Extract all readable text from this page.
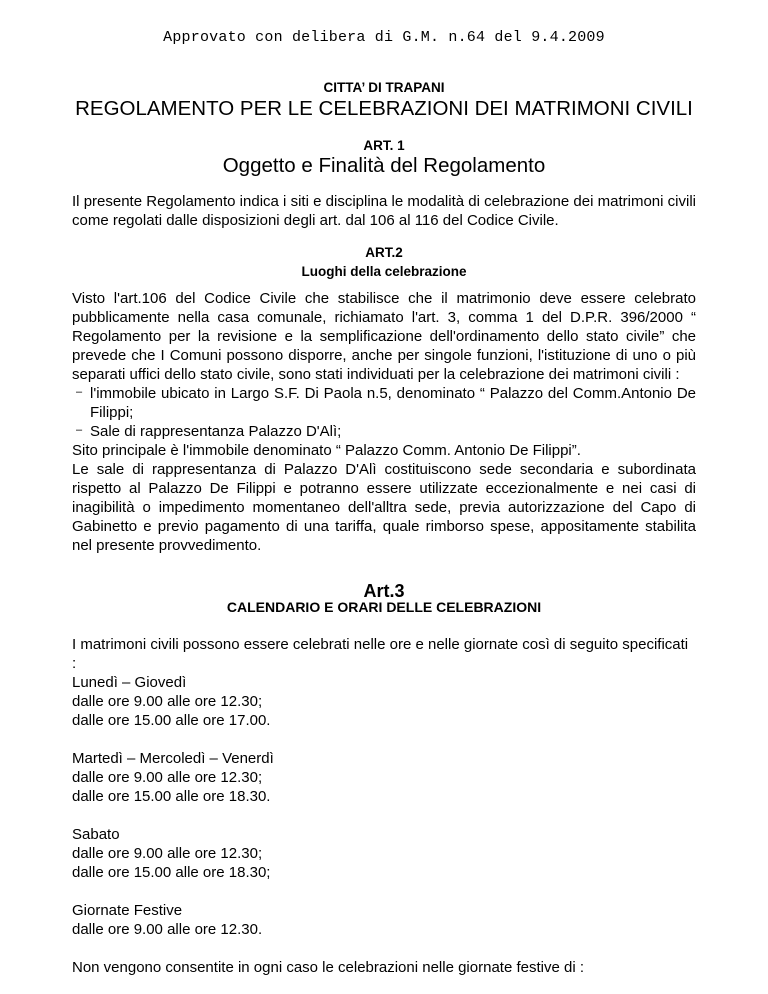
Approvato con delibera di G.M. n.64 del 9.4.2009
CITTA’ DI TRAPANI
REGOLAMENTO PER LE CELEBRAZIONI DEI MATRIMONI CIVILI
ART. 1
Oggetto e Finalità del Regolamento

Il presente Regolamento indica i siti e disciplina le modalità di celebrazione dei matrimoni civili come regolati dalle disposizioni degli art. dal 106 al 116 del Codice Civile.

ART.2
Luoghi della celebrazione

Visto l'art.106 del Codice Civile che stabilisce che il matrimonio deve essere celebrato pubblicamente nella casa comunale, richiamato l'art. 3, comma 1 del D.P.R. 396/2000 “ Regolamento per la revisione e la semplificazione dell'ordinamento dello stato civile” che prevede che I Comuni possono disporre, anche per singole funzioni, l'istituzione di uno o più separati uffici dello stato civile, sono stati individuati per la celebrazione dei matrimoni civili :

– l'immobile ubicato in Largo S.F. Di Paola n.5, denominato “ Palazzo del Comm.Antonio De Filippi;
– Sale di rappresentanza Palazzo D'Alì;

Sito principale è l'immobile denominato “ Palazzo Comm. Antonio De Filippi”.

Le sale di rappresentanza di Palazzo D'Alì costituiscono sede secondaria e subordinata rispetto al Palazzo De Filippi e potranno essere utilizzate eccezionalmente e nei casi di inagibilità o impedimento momentaneo dell'alltra sede, previa autorizzazione del Capo di Gabinetto e previo pagamento di una tariffa, quale rimborso spese, appositamente stabilita nel presente provvedimento.

Art.3
CALENDARIO E ORARI DELLE CELEBRAZIONI

I matrimoni civili possono essere celebrati nelle ore e nelle giornate così di seguito specificati :

Lunedì – Giovedì
dalle ore 9.00 alle ore 12.30;
dalle ore 15.00 alle ore 17.00.
Martedì – Mercoledì – Venerdì
dalle ore 9.00 alle ore 12.30;
dalle ore 15.00 alle ore 18.30.
Sabato
dalle ore 9.00 alle ore 12.30;
dalle ore 15.00 alle ore 18.30;
Giornate Festive
dalle ore 9.00 alle ore 12.30.

Non vengono consentite in ogni caso le celebrazioni nelle giornate festive di :
